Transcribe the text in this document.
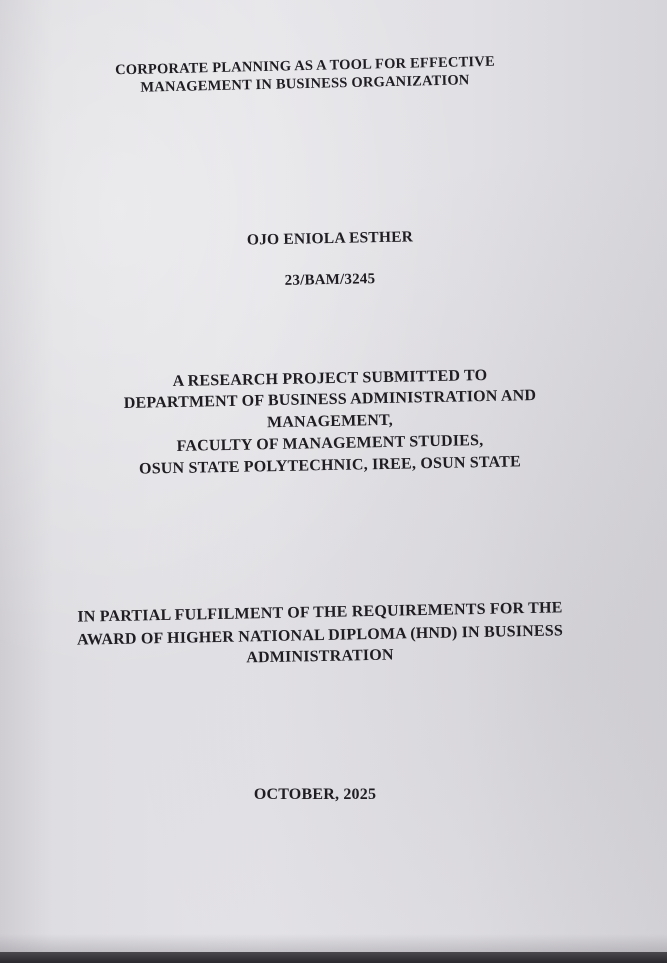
CORPORATE PLANNING AS A TOOL FOR EFFECTIVE
MANAGEMENT IN BUSINESS ORGANIZATION
OJO ENIOLA ESTHER
23/BAM/3245
A RESEARCH PROJECT SUBMITTED TO
DEPARTMENT OF BUSINESS ADMINISTRATION AND
MANAGEMENT,
FACULTY OF MANAGEMENT STUDIES,
OSUN STATE POLYTECHNIC, IREE, OSUN STATE
IN PARTIAL FULFILMENT OF THE REQUIREMENTS FOR THE
AWARD OF HIGHER NATIONAL DIPLOMA (HND) IN BUSINESS
ADMINISTRATION
OCTOBER, 2025
